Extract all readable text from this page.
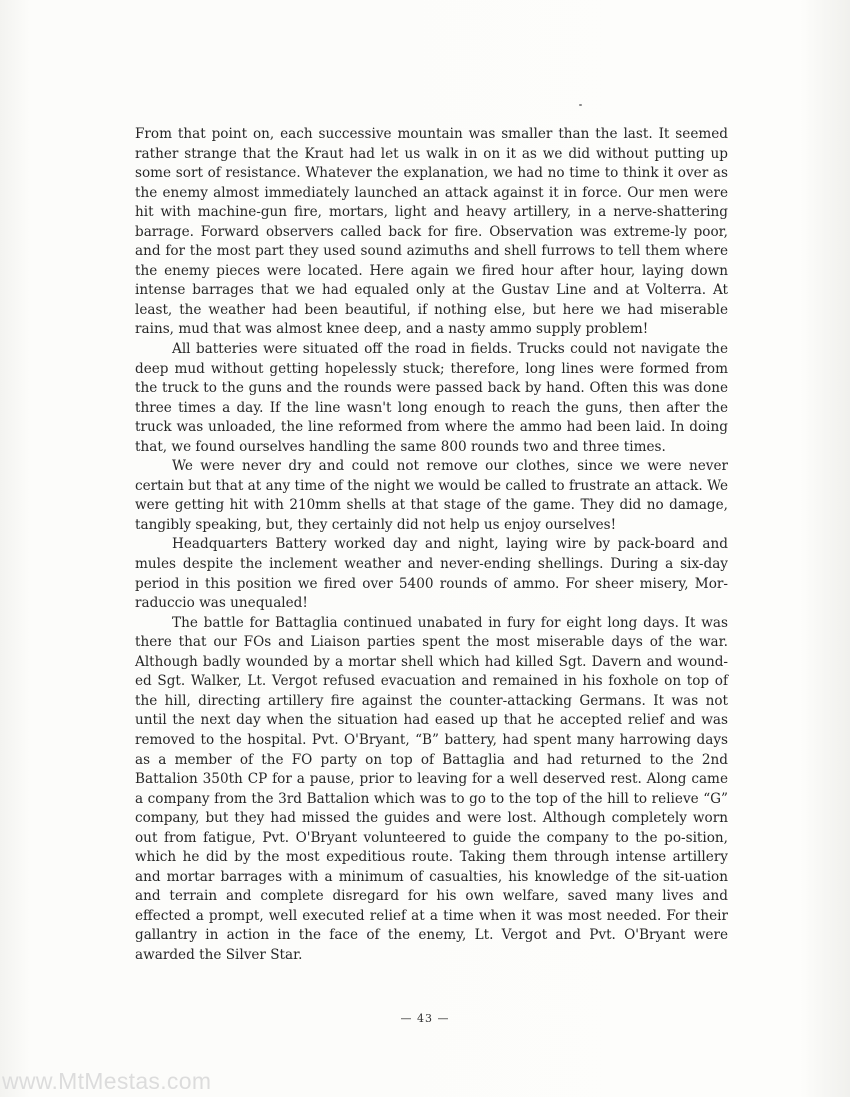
From that point on, each successive mountain was smaller than the last. It seemed rather strange that the Kraut had let us walk in on it as we did without putting up some sort of resistance. Whatever the explanation, we had no time to think it over as the enemy almost immediately launched an attack against it in force. Our men were hit with machine-gun fire, mortars, light and heavy artillery, in a nerve-shattering barrage. Forward observers called back for fire. Observation was extreme-ly poor, and for the most part they used sound azimuths and shell furrows to tell them where the enemy pieces were located. Here again we fired hour after hour, laying down intense barrages that we had equaled only at the Gustav Line and at Volterra. At least, the weather had been beautiful, if nothing else, but here we had miserable rains, mud that was almost knee deep, and a nasty ammo supply problem!

All batteries were situated off the road in fields. Trucks could not navigate the deep mud without getting hopelessly stuck; therefore, long lines were formed from the truck to the guns and the rounds were passed back by hand. Often this was done three times a day. If the line wasn't long enough to reach the guns, then after the truck was unloaded, the line reformed from where the ammo had been laid. In doing that, we found ourselves handling the same 800 rounds two and three times.

We were never dry and could not remove our clothes, since we were never certain but that at any time of the night we would be called to frustrate an attack. We were getting hit with 210mm shells at that stage of the game. They did no damage, tangibly speaking, but, they certainly did not help us enjoy ourselves!

Headquarters Battery worked day and night, laying wire by pack-board and mules despite the inclement weather and never-ending shellings. During a six-day period in this position we fired over 5400 rounds of ammo. For sheer misery, Mor-raduccio was unequaled!

The battle for Battaglia continued unabated in fury for eight long days. It was there that our FOs and Liaison parties spent the most miserable days of the war. Although badly wounded by a mortar shell which had killed Sgt. Davern and wound-ed Sgt. Walker, Lt. Vergot refused evacuation and remained in his foxhole on top of the hill, directing artillery fire against the counter-attacking Germans. It was not until the next day when the situation had eased up that he accepted relief and was removed to the hospital. Pvt. O'Bryant, “B” battery, had spent many harrowing days as a member of the FO party on top of Battaglia and had returned to the 2nd Battalion 350th CP for a pause, prior to leaving for a well deserved rest. Along came a company from the 3rd Battalion which was to go to the top of the hill to relieve “G” company, but they had missed the guides and were lost. Although completely worn out from fatigue, Pvt. O'Bryant volunteered to guide the company to the po-sition, which he did by the most expeditious route. Taking them through intense artillery and mortar barrages with a minimum of casualties, his knowledge of the sit-uation and terrain and complete disregard for his own welfare, saved many lives and effected a prompt, well executed relief at a time when it was most needed. For their gallantry in action in the face of the enemy, Lt. Vergot and Pvt. O'Bryant were awarded the Silver Star.

— 43 —
www.MtMestas.com
